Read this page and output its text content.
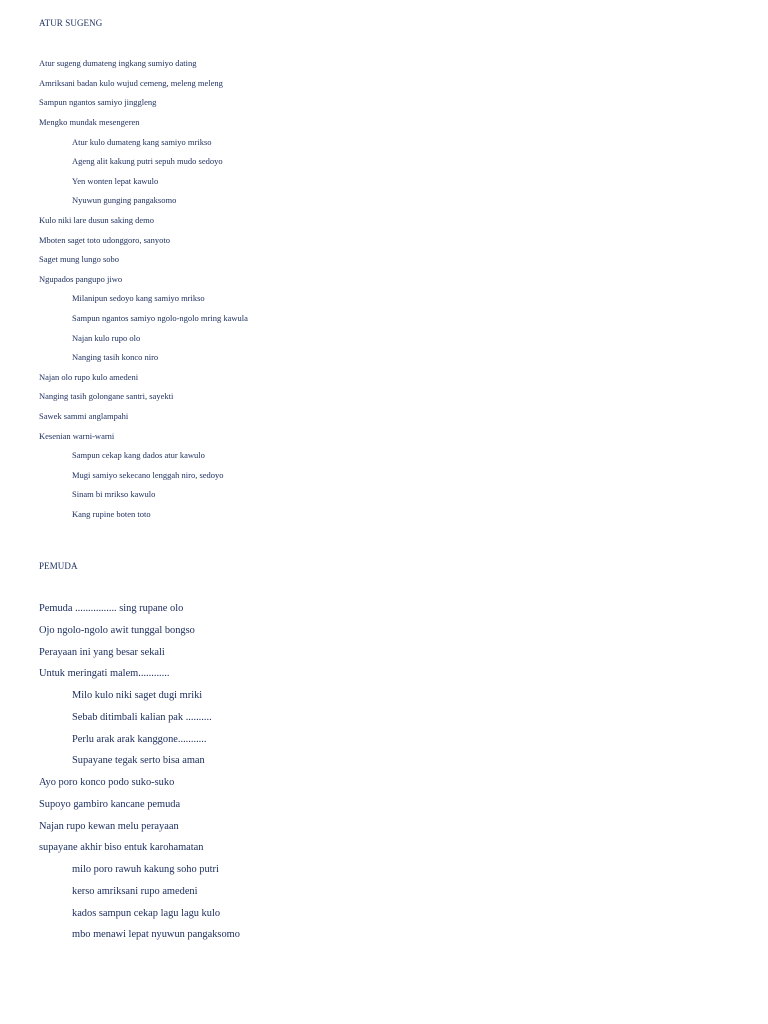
ATUR SUGENG

Atur sugeng dumateng ingkang sumiyo dating

Amriksani badan kulo wujud cemeng, meleng meleng

Sampun ngantos samiyo jinggleng

Mengko mundak mesengeren

Atur kulo dumateng kang samiyo mrikso

Ageng alit kakung putri sepuh mudo sedoyo

Yen wonten lepat kawulo

Nyuwun gunging pangaksomo

Kulo niki lare dusun saking demo

Mboten saget toto udonggoro, sanyoto

Saget mung lungo sobo

Ngupados pangupo jiwo

Milanipun sedoyo kang samiyo mrikso

Sampun ngantos samiyo ngolo-ngolo mring kawula

Najan kulo rupo olo

Nanging tasih konco niro

Najan olo rupo kulo amedeni

Nanging tasih golongane santri, sayekti

Sawek sammi anglampahi

Kesenian warni-warni

Sampun cekap kang dados atur kawulo

Mugi samiyo sekecano lenggah niro, sedoyo

Sinam bi mrikso kawulo

Kang rupine boten toto

PEMUDA

Pemuda ................ sing rupane olo

Ojo ngolo-ngolo awit tunggal bongso

Perayaan ini yang besar sekali

Untuk meringati malem............

Milo kulo niki saget dugi mriki

Sebab ditimbali kalian pak ..........

Perlu arak arak kanggone...........

Supayane tegak serto bisa aman

Ayo poro konco podo suko-suko

Supoyo gambiro kancane pemuda

Najan rupo kewan melu perayaan

supayane akhir biso entuk karohamatan

milo poro rawuh kakung soho putri

kerso amriksani rupo amedeni

kados sampun cekap lagu lagu kulo

mbo menawi lepat nyuwun pangaksomo
